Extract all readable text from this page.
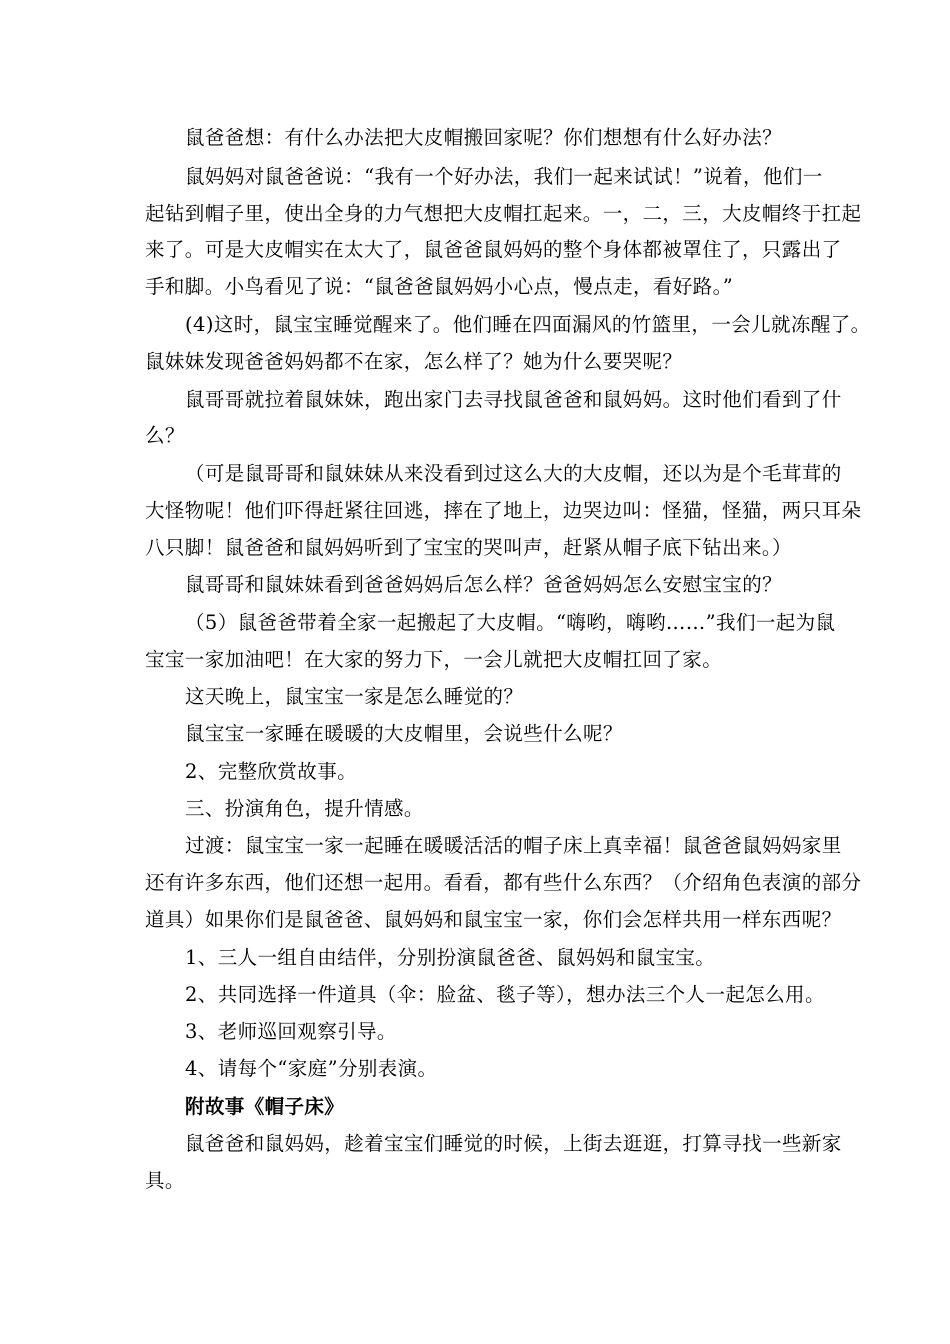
鼠爸爸想：有什么办法把大皮帽搬回家呢？你们想想有什么好办法？
鼠妈妈对鼠爸爸说：“我有一个好办法，我们一起来试试！”说着，他们一
起钻到帽子里，使出全身的力气想把大皮帽扛起来。一，二，三，大皮帽终于扛起
来了。可是大皮帽实在太大了，鼠爸爸鼠妈妈的整个身体都被罩住了，只露出了
手和脚。小鸟看见了说：“鼠爸爸鼠妈妈小心点，慢点走，看好路。”
(4)这时，鼠宝宝睡觉醒来了。他们睡在四面漏风的竹篮里，一会儿就冻醒了。
鼠妹妹发现爸爸妈妈都不在家，怎么样了？她为什么要哭呢？
鼠哥哥就拉着鼠妹妹，跑出家门去寻找鼠爸爸和鼠妈妈。这时他们看到了什
么？
（可是鼠哥哥和鼠妹妹从来没看到过这么大的大皮帽，还以为是个毛茸茸的
大怪物呢！他们吓得赶紧往回逃，摔在了地上，边哭边叫：怪猫，怪猫，两只耳朵
八只脚！鼠爸爸和鼠妈妈听到了宝宝的哭叫声，赶紧从帽子底下钻出来。）
鼠哥哥和鼠妹妹看到爸爸妈妈后怎么样？爸爸妈妈怎么安慰宝宝的？
（5）鼠爸爸带着全家一起搬起了大皮帽。“嗨哟，嗨哟……”我们一起为鼠
宝宝一家加油吧！在大家的努力下，一会儿就把大皮帽扛回了家。
这天晚上，鼠宝宝一家是怎么睡觉的？
鼠宝宝一家睡在暖暖的大皮帽里，会说些什么呢？
2、完整欣赏故事。
三、扮演角色，提升情感。
过渡：鼠宝宝一家一起睡在暖暖活活的帽子床上真幸福！鼠爸爸鼠妈妈家里
还有许多东西，他们还想一起用。看看，都有些什么东西？（介绍角色表演的部分
道具）如果你们是鼠爸爸、鼠妈妈和鼠宝宝一家，你们会怎样共用一样东西呢？
1、三人一组自由结伴，分别扮演鼠爸爸、鼠妈妈和鼠宝宝。
2、共同选择一件道具（伞：脸盆、毯子等），想办法三个人一起怎么用。
3、老师巡回观察引导。
4、请每个“家庭”分别表演。
附故事《帽子床》
鼠爸爸和鼠妈妈，趁着宝宝们睡觉的时候，上街去逛逛，打算寻找一些新家
具。
